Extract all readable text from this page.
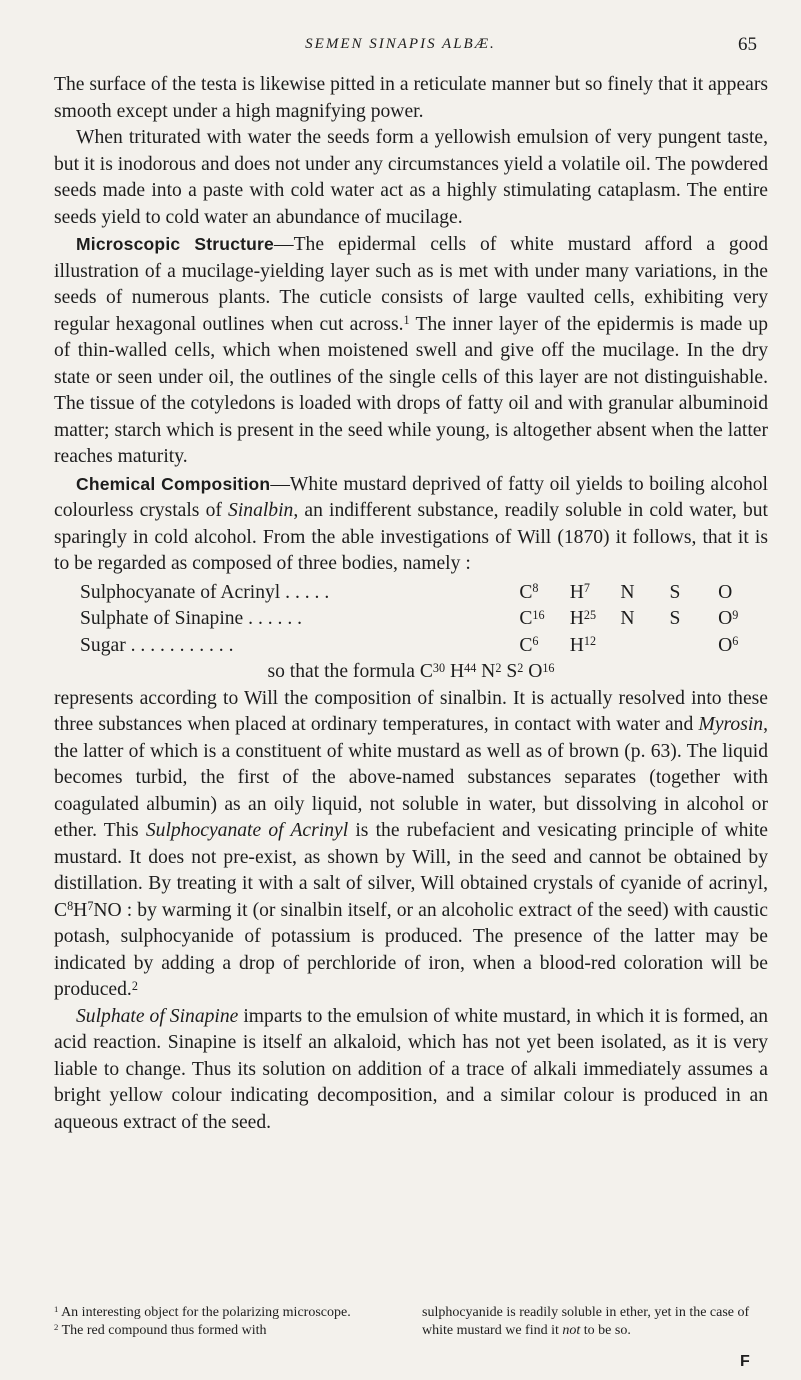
SEMEN SINAPIS ALBÆ.	65

The surface of the testa is likewise pitted in a reticulate manner but so finely that it appears smooth except under a high magnifying power.

When triturated with water the seeds form a yellowish emulsion of very pungent taste, but it is inodorous and does not under any circumstances yield a volatile oil. The powdered seeds made into a paste with cold water act as a highly stimulating cataplasm. The entire seeds yield to cold water an abundance of mucilage.

Microscopic Structure—The epidermal cells of white mustard afford a good illustration of a mucilage-yielding layer such as is met with under many variations, in the seeds of numerous plants. The cuticle consists of large vaulted cells, exhibiting very regular hexagonal outlines when cut across.$^1$ The inner layer of the epidermis is made up of thin-walled cells, which when moistened swell and give off the mucilage. In the dry state or seen under oil, the outlines of the single cells of this layer are not distinguishable. The tissue of the cotyledons is loaded with drops of fatty oil and with granular albuminoid matter; starch which is present in the seed while young, is altogether absent when the latter reaches maturity.

Chemical Composition—White mustard deprived of fatty oil yields to boiling alcohol colourless crystals of Sinalbin, an indifferent substance, readily soluble in cold water, but sparingly in cold alcohol. From the able investigations of Will (1870) it follows, that it is to be regarded as composed of three bodies, namely :

Sulphocyanate of Acrinyl . . . . .	$C^8$	$H^7$	N	S	O
Sulphate of Sinapine . . . . . .	$C^{16}$	$H^{25}$	N	S	$O^9$
Sugar . . . . . . . . . . .	$C^6$	$H^{12}$			$O^6$

so that the formula $C^{30}$ $H^{44}$ $N^2$ $S^2$ $O^{16}$

represents according to Will the composition of sinalbin. It is actually resolved into these three substances when placed at ordinary temperatures, in contact with water and Myrosin, the latter of which is a constituent of white mustard as well as of brown (p. 63). The liquid becomes turbid, the first of the above-named substances separates (together with coagulated albumin) as an oily liquid, not soluble in water, but dissolving in alcohol or ether. This Sulphocyanate of Acrinyl is the rubefacient and vesicating principle of white mustard. It does not pre-exist, as shown by Will, in the seed and cannot be obtained by distillation. By treating it with a salt of silver, Will obtained crystals of cyanide of acrinyl, $C^8H^7NO$ : by warming it (or sinalbin itself, or an alcoholic extract of the seed) with caustic potash, sulphocyanide of potassium is produced. The presence of the latter may be indicated by adding a drop of perchloride of iron, when a blood-red coloration will be produced.$^2$

Sulphate of Sinapine imparts to the emulsion of white mustard, in which it is formed, an acid reaction. Sinapine is itself an alkaloid, which has not yet been isolated, as it is very liable to change. Thus its solution on addition of a trace of alkali immediately assumes a bright yellow colour indicating decomposition, and a similar colour is produced in an aqueous extract of the seed.

$^1$ An interesting object for the polarizing microscope.

$^2$ The red compound thus formed with

sulphocyanide is readily soluble in ether, yet in the case of white mustard we find it not to be so.

F
